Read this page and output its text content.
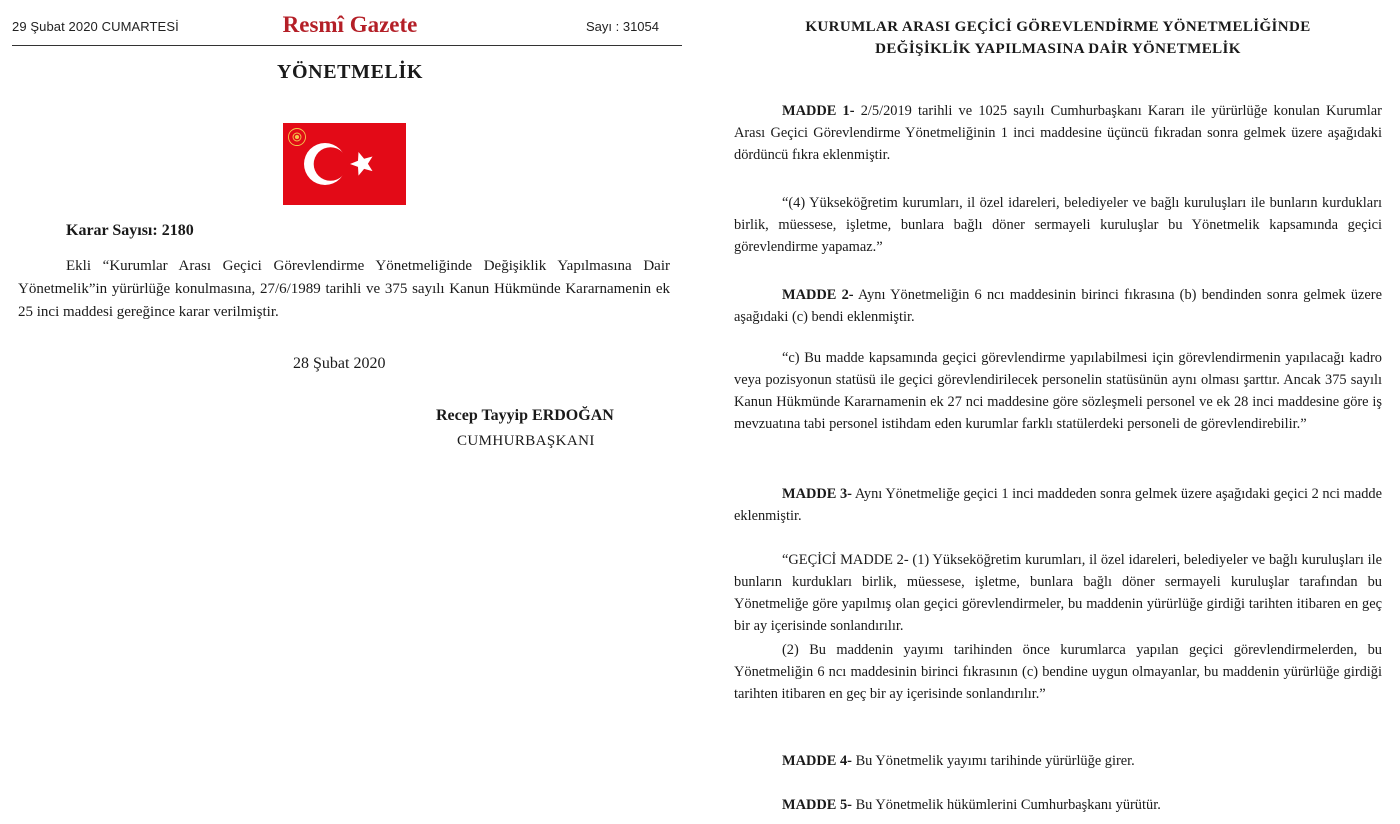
29 Şubat 2020 CUMARTESİ	Resmî Gazete	Sayı : 31054
YÖNETMELİK
Karar Sayısı: 2180

Ekli “Kurumlar Arası Geçici Görevlendirme Yönetmeliğinde Değişiklik Yapılmasına Dair Yönetmelik”in yürürlüğe konulmasına, 27/6/1989 tarihli ve 375 sayılı Kanun Hükmünde Kararnamenin ek 25 inci maddesi gereğince karar verilmiştir.

28 Şubat 2020
Recep Tayyip ERDOĞAN
CUMHURBAŞKANI

KURUMLAR ARASI GEÇİCİ GÖREVLENDİRME YÖNETMELİĞİNDE
DEĞİŞİKLİK YAPILMASINA DAİR YÖNETMELİK

MADDE 1- 2/5/2019 tarihli ve 1025 sayılı Cumhurbaşkanı Kararı ile yürürlüğe konulan Kurumlar Arası Geçici Görevlendirme Yönetmeliğinin 1 inci maddesine üçüncü fıkradan sonra gelmek üzere aşağıdaki dördüncü fıkra eklenmiştir.

“(4) Yükseköğretim kurumları, il özel idareleri, belediyeler ve bağlı kuruluşları ile bunların kurdukları birlik, müessese, işletme, bunlara bağlı döner sermayeli kuruluşlar bu Yönetmelik kapsamında geçici görevlendirme yapamaz.”

MADDE 2- Aynı Yönetmeliğin 6 ncı maddesinin birinci fıkrasına (b) bendinden sonra gelmek üzere aşağıdaki (c) bendi eklenmiştir.

“c) Bu madde kapsamında geçici görevlendirme yapılabilmesi için görevlendirmenin yapılacağı kadro veya pozisyonun statüsü ile geçici görevlendirilecek personelin statüsünün aynı olması şarttır. Ancak 375 sayılı Kanun Hükmünde Kararnamenin ek 27 nci maddesine göre sözleşmeli personel ve ek 28 inci maddesine göre iş mevzuatına tabi personel istihdam eden kurumlar farklı statülerdeki personeli de görevlendirebilir.”

MADDE 3- Aynı Yönetmeliğe geçici 1 inci maddeden sonra gelmek üzere aşağıdaki geçici 2 nci madde eklenmiştir.

“GEÇİCİ MADDE 2- (1) Yükseköğretim kurumları, il özel idareleri, belediyeler ve bağlı kuruluşları ile bunların kurdukları birlik, müessese, işletme, bunlara bağlı döner sermayeli kuruluşlar tarafından bu Yönetmeliğe göre yapılmış olan geçici görevlendirmeler, bu maddenin yürürlüğe girdiği tarihten itibaren en geç bir ay içerisinde sonlandırılır.

(2) Bu maddenin yayımı tarihinden önce kurumlarca yapılan geçici görevlendirmelerden, bu Yönetmeliğin 6 ncı maddesinin birinci fıkrasının (c) bendine uygun olmayanlar, bu maddenin yürürlüğe girdiği tarihten itibaren en geç bir ay içerisinde sonlandırılır.”

MADDE 4- Bu Yönetmelik yayımı tarihinde yürürlüğe girer.

MADDE 5- Bu Yönetmelik hükümlerini Cumhurbaşkanı yürütür.
